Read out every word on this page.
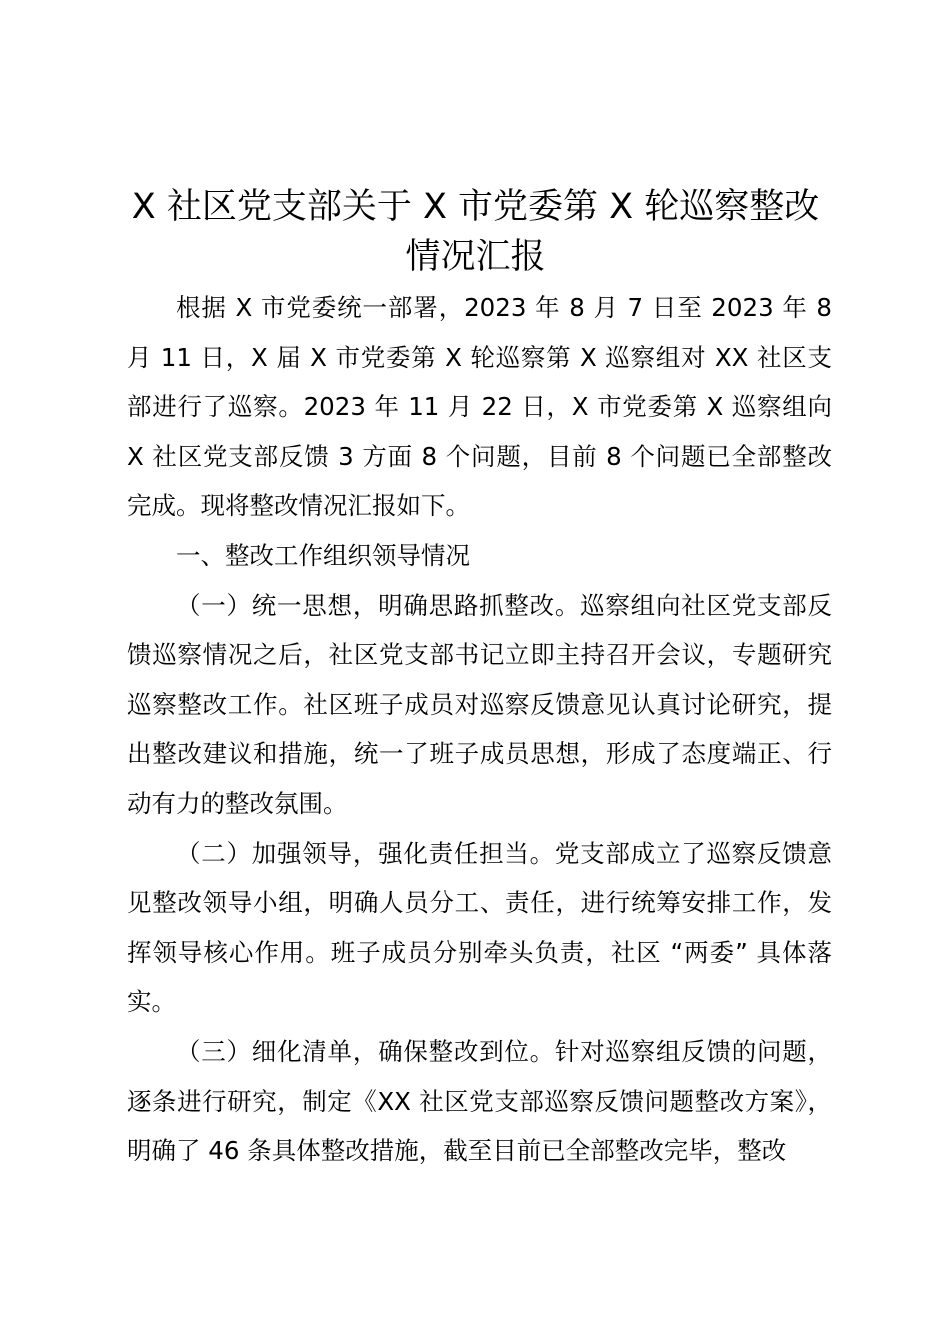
X 社区党支部关于 X 市党委第 X 轮巡察整改情况汇报

根据 X 市党委统一部署，2023 年 8 月 7 日至 2023 年 8 月 11 日，X 届 X 市党委第 X 轮巡察第 X 巡察组对 XX 社区支部进行了巡察。2023 年 11 月 22 日，X 市党委第 X 巡察组向 X 社区党支部反馈 3 方面 8 个问题，目前 8 个问题已全部整改完成。现将整改情况汇报如下。

一、整改工作组织领导情况

（一）统一思想，明确思路抓整改。巡察组向社区党支部反馈巡察情况之后，社区党支部书记立即主持召开会议，专题研究巡察整改工作。社区班子成员对巡察反馈意见认真讨论研究，提出整改建议和措施，统一了班子成员思想，形成了态度端正、行动有力的整改氛围。

（二）加强领导，强化责任担当。党支部成立了巡察反馈意见整改领导小组，明确人员分工、责任，进行统筹安排工作，发挥领导核心作用。班子成员分别牵头负责，社区 “两委” 具体落实。

（三）细化清单，确保整改到位。针对巡察组反馈的问题，逐条进行研究，制定《XX 社区党支部巡察反馈问题整改方案》，明确了 46 条具体整改措施，截至目前已全部整改完毕，整改
